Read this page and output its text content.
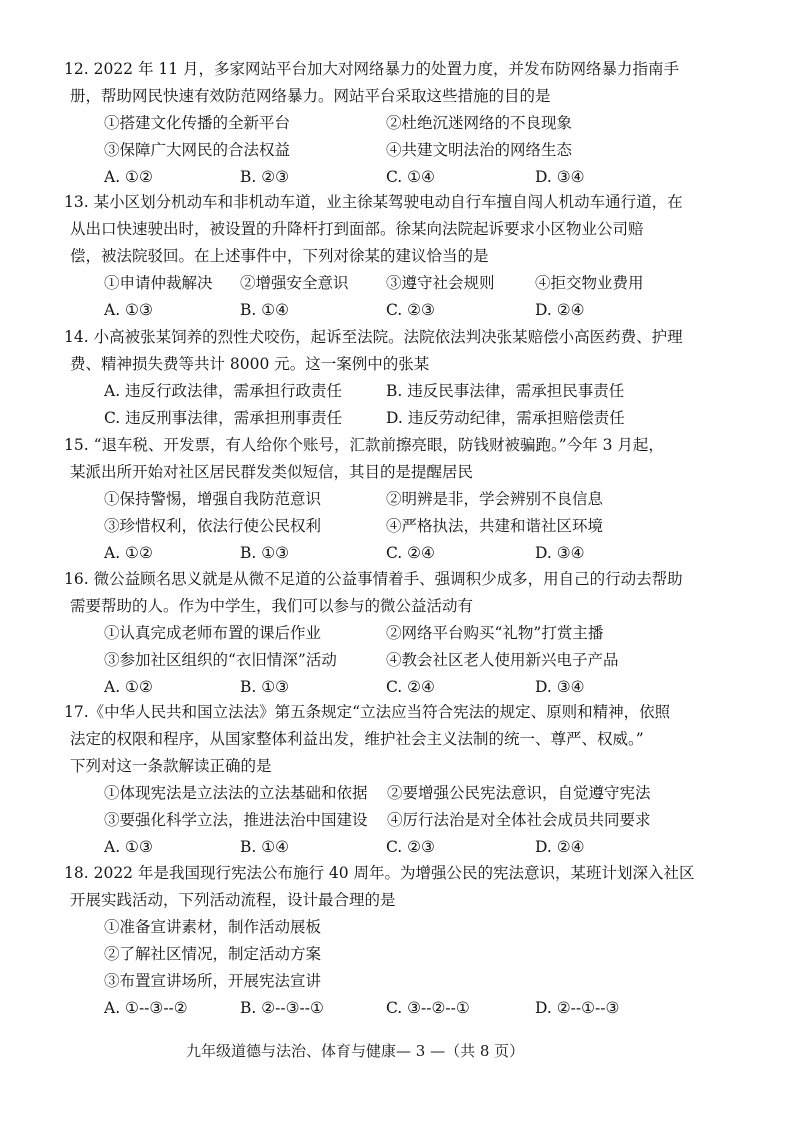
12. 2022 年 11 月，多家网站平台加大对网络暴力的处置力度，并发布防网络暴力指南手
册，帮助网民快速有效防范网络暴力。网站平台采取这些措施的目的是
①搭建文化传播的全新平台	②杜绝沉迷网络的不良现象
③保障广大网民的合法权益	④共建文明法治的网络生态
A. ①②	B. ②③	C. ①④	D. ③④
13. 某小区划分机动车和非机动车道，业主徐某驾驶电动自行车擅自闯人机动车通行道，在
从出口快速驶出时，被设置的升降杆打到面部。徐某向法院起诉要求小区物业公司赔
偿，被法院驳回。在上述事件中，下列对徐某的建议恰当的是
①申请仲裁解决 ②增强安全意识 ③遵守社会规则	④拒交物业费用
A. ①③	B. ①④	C. ②③	D. ②④
14. 小高被张某饲养的烈性犬咬伤，起诉至法院。法院依法判决张某赔偿小高医药费、护理
费、精神损失费等共计 8000 元。这一案例中的张某
A. 违反行政法律，需承担行政责任	B. 违反民事法律，需承担民事责任
C. 违反刑事法律，需承担刑事责任	D. 违反劳动纪律，需承担赔偿责任
15. “退车税、开发票，有人给你个账号，汇款前擦亮眼，防钱财被骗跑。”今年 3 月起，
某派出所开始对社区居民群发类似短信，其目的是提醒居民
①保持警惕，增强自我防范意识	②明辨是非，学会辨别不良信息
③珍惜权利，依法行使公民权利	④严格执法，共建和谐社区环境
A. ①②	B. ①③	C. ②④	D. ③④
16. 微公益顾名思义就是从微不足道的公益事情着手、强调积少成多，用自己的行动去帮助
需要帮助的人。作为中学生，我们可以参与的微公益活动有
①认真完成老师布置的课后作业	②网络平台购买“礼物”打赏主播
③参加社区组织的“衣旧情深”活动	④教会社区老人使用新兴电子产品
A. ①②	B. ①③	C. ②④	D. ③④
17.《中华人民共和国立法法》第五条规定“立法应当符合宪法的规定、原则和精神，依照
法定的权限和程序，从国家整体利益出发，维护社会主义法制的统一、尊严、权威。”
下列对这一条款解读正确的是
①体现宪法是立法法的立法基础和依据 ②要增强公民宪法意识，自觉遵守宪法
③要强化科学立法，推进法治中国建设 ④厉行法治是对全体社会成员共同要求
A. ①③	B. ①④	C. ②③	D. ②④
18. 2022 年是我国现行宪法公布施行 40 周年。为增强公民的宪法意识，某班计划深入社区
开展实践活动，下列活动流程，设计最合理的是
①准备宣讲素材，制作活动展板
②了解社区情况，制定活动方案
③布置宣讲场所，开展宪法宣讲
A. ①--③--②	B. ②--③--①	C. ③--②--①	D. ②--①--③
九年级道德与法治、体育与健康— 3 —（共 8 页）
